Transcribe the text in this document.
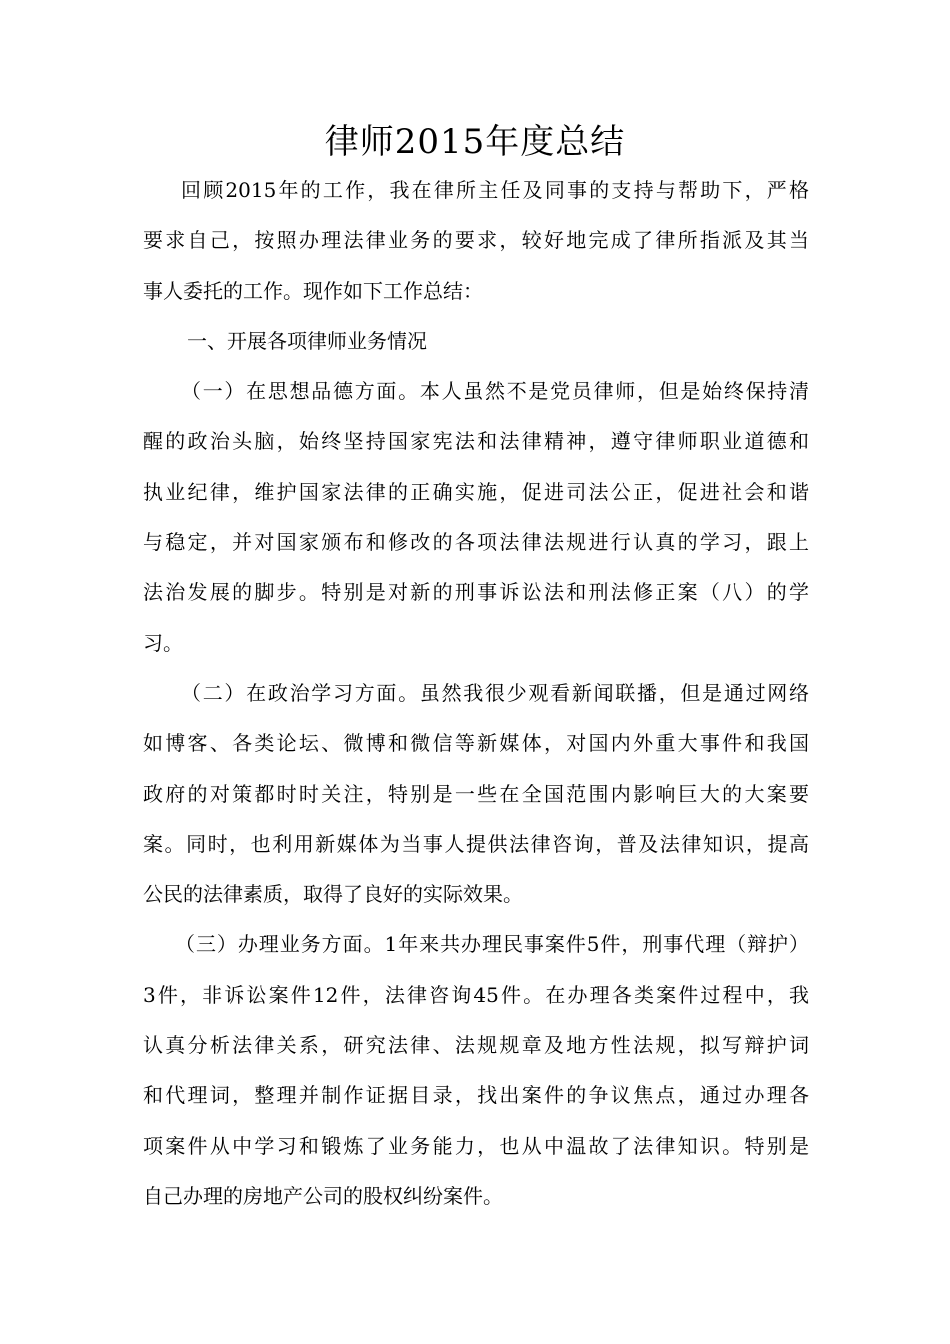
律师2015年度总结
回顾2015年的工作，我在律所主任及同事的支持与帮助下，严格
要求自己，按照办理法律业务的要求，较好地完成了律所指派及其当
事人委托的工作。现作如下工作总结：
一、开展各项律师业务情况
（一）在思想品德方面。本人虽然不是党员律师，但是始终保持清
醒的政治头脑，始终坚持国家宪法和法律精神，遵守律师职业道德和
执业纪律，维护国家法律的正确实施，促进司法公正，促进社会和谐
与稳定，并对国家颁布和修改的各项法律法规进行认真的学习，跟上
法治发展的脚步。特别是对新的刑事诉讼法和刑法修正案（八）的学
习。
（二）在政治学习方面。虽然我很少观看新闻联播，但是通过网络
如博客、各类论坛、微博和微信等新媒体，对国内外重大事件和我国
政府的对策都时时关注，特别是一些在全国范围内影响巨大的大案要
案。同时，也利用新媒体为当事人提供法律咨询，普及法律知识，提高
公民的法律素质，取得了良好的实际效果。
（三）办理业务方面。1年来共办理民事案件5件，刑事代理（辩护）
3件，非诉讼案件12件，法律咨询45件。在办理各类案件过程中，我
认真分析法律关系，研究法律、法规规章及地方性法规，拟写辩护词
和代理词，整理并制作证据目录，找出案件的争议焦点，通过办理各
项案件从中学习和锻炼了业务能力，也从中温故了法律知识。特别是
自己办理的房地产公司的股权纠纷案件。
